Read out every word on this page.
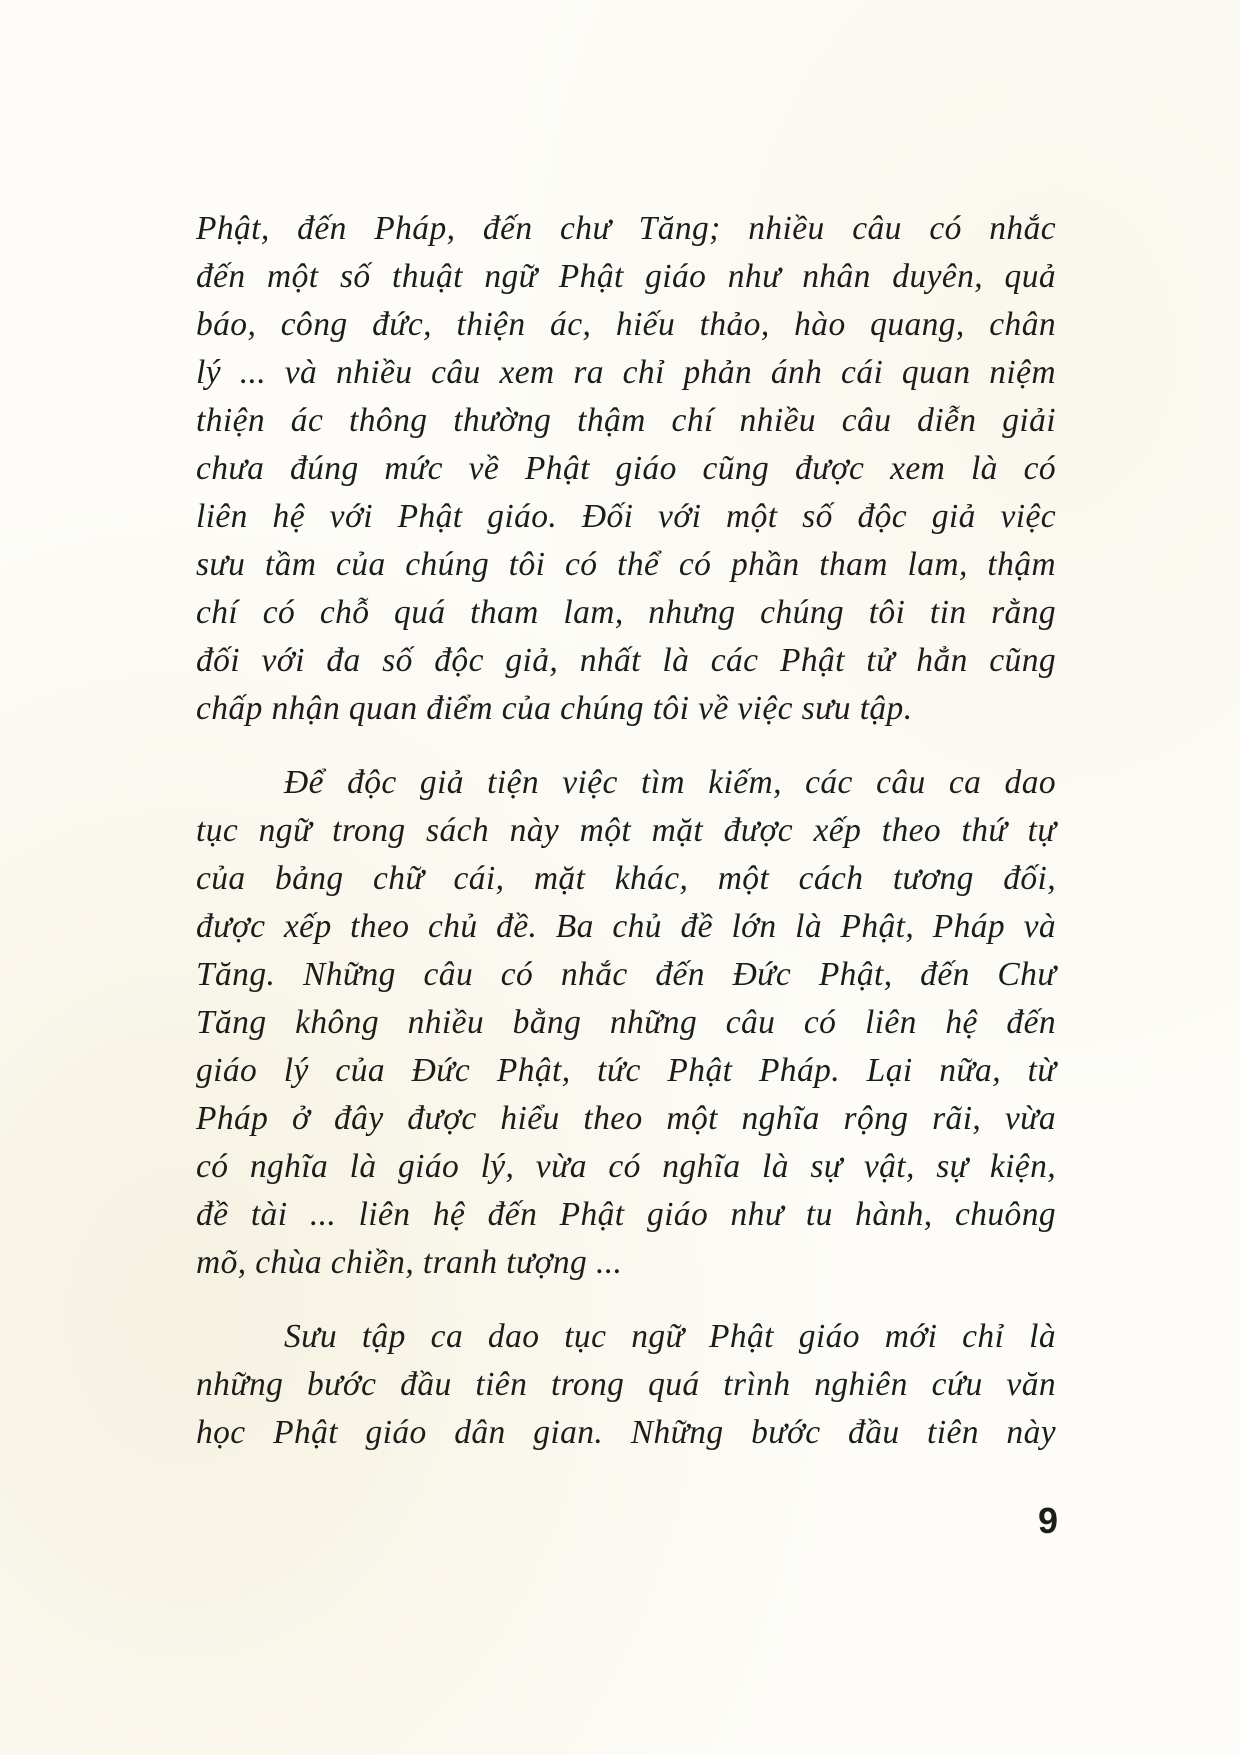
Phật, đến Pháp, đến chư Tăng; nhiều câu có nhắc
đến một số thuật ngữ Phật giáo như nhân duyên, quả
báo, công đức, thiện ác, hiếu thảo, hào quang, chân
lý ... và nhiều câu xem ra chỉ phản ánh cái quan niệm
thiện ác thông thường thậm chí nhiều câu diễn giải
chưa đúng mức về Phật giáo cũng được xem là có
liên hệ với Phật giáo. Đối với một số độc giả việc
sưu tầm của chúng tôi có thể có phần tham lam, thậm
chí có chỗ quá tham lam, nhưng chúng tôi tin rằng
đối với đa số độc giả, nhất là các Phật tử hẳn cũng
chấp nhận quan điểm của chúng tôi về việc sưu tập.
Để độc giả tiện việc tìm kiếm, các câu ca dao
tục ngữ trong sách này một mặt được xếp theo thứ tự
của bảng chữ cái, mặt khác, một cách tương đối,
được xếp theo chủ đề. Ba chủ đề lớn là Phật, Pháp và
Tăng. Những câu có nhắc đến Đức Phật, đến Chư
Tăng không nhiều bằng những câu có liên hệ đến
giáo lý của Đức Phật, tức Phật Pháp. Lại nữa, từ
Pháp ở đây được hiểu theo một nghĩa rộng rãi, vừa
có nghĩa là giáo lý, vừa có nghĩa là sự vật, sự kiện,
đề tài ... liên hệ đến Phật giáo như tu hành, chuông
mõ, chùa chiền, tranh tượng ...
Sưu tập ca dao tục ngữ Phật giáo mới chỉ là
những bước đầu tiên trong quá trình nghiên cứu văn
học Phật giáo dân gian. Những bước đầu tiên này
9
